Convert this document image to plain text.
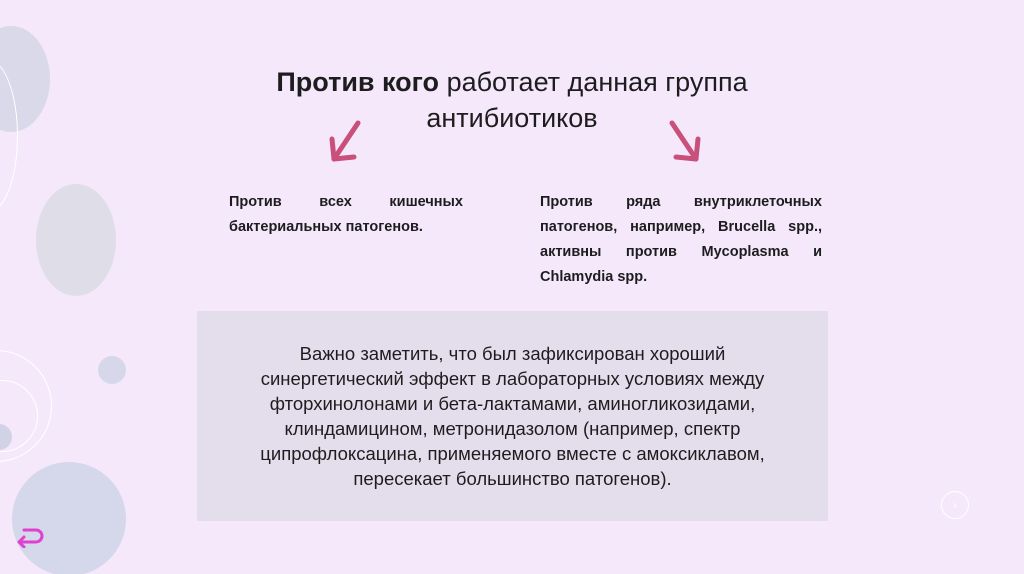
Против кого работает данная группа антибиотиков
Против всех кишечных бактериальных патогенов.
Против ряда внутриклеточных патогенов, например, Brucella spp., активны против Mycoplasma и Chlamydia spp.
Важно заметить, что был зафиксирован хороший синергетический эффект в лабораторных условиях между фторхинолонами и бета-лактамами, аминогликозидами, клиндамицином, метронидазолом (например, спектр ципрофлоксацина, применяемого вместе с амоксиклавом, пересекает большинство патогенов).
›
